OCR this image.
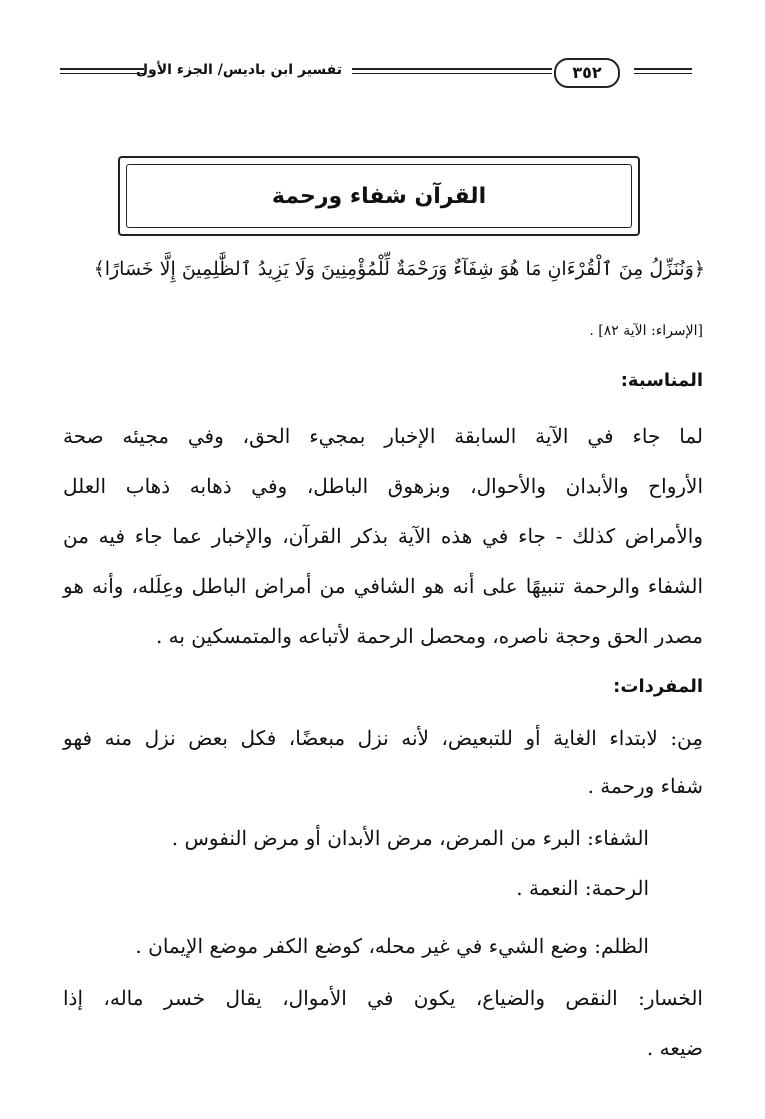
٣٥٢
تفسير ابن باديس/ الجزء الأول
القرآن شفاء ورحمة
﴿وَنُنَزِّلُ مِنَ ٱلْقُرْءَانِ مَا هُوَ شِفَآءٌ وَرَحْمَةٌ لِّلْمُؤْمِنِينَ وَلَا يَزِيدُ ٱلظَّٰلِمِينَ إِلَّا خَسَارًا﴾
[الإسراء: الآية ٨٢] .
المناسبة:
لما جاء في الآية السابقة الإخبار بمجيء الحق، وفي مجيئه صحة
الأرواح والأبدان والأحوال، وبزهوق الباطل، وفي ذهابه ذهاب العلل
والأمراض كذلك - جاء في هذه الآية بذكر القرآن، والإخبار عما جاء فيه من
الشفاء والرحمة تنبيهًا على أنه هو الشافي من أمراض الباطل وعِلَله، وأنه هو
مصدر الحق وحجة ناصره، ومحصل الرحمة لأتباعه والمتمسكين به .
المفردات:
مِن: لابتداء الغاية أو للتبعيض، لأنه نزل مبعضًا، فكل بعض نزل منه فهو
شفاء ورحمة .
الشفاء: البرء من المرض، مرض الأبدان أو مرض النفوس .
الرحمة: النعمة .
الظلم: وضع الشيء في غير محله، كوضع الكفر موضع الإيمان .
الخسار: النقص والضياع، يكون في الأموال، يقال خسر ماله، إذا
ضيعه .
